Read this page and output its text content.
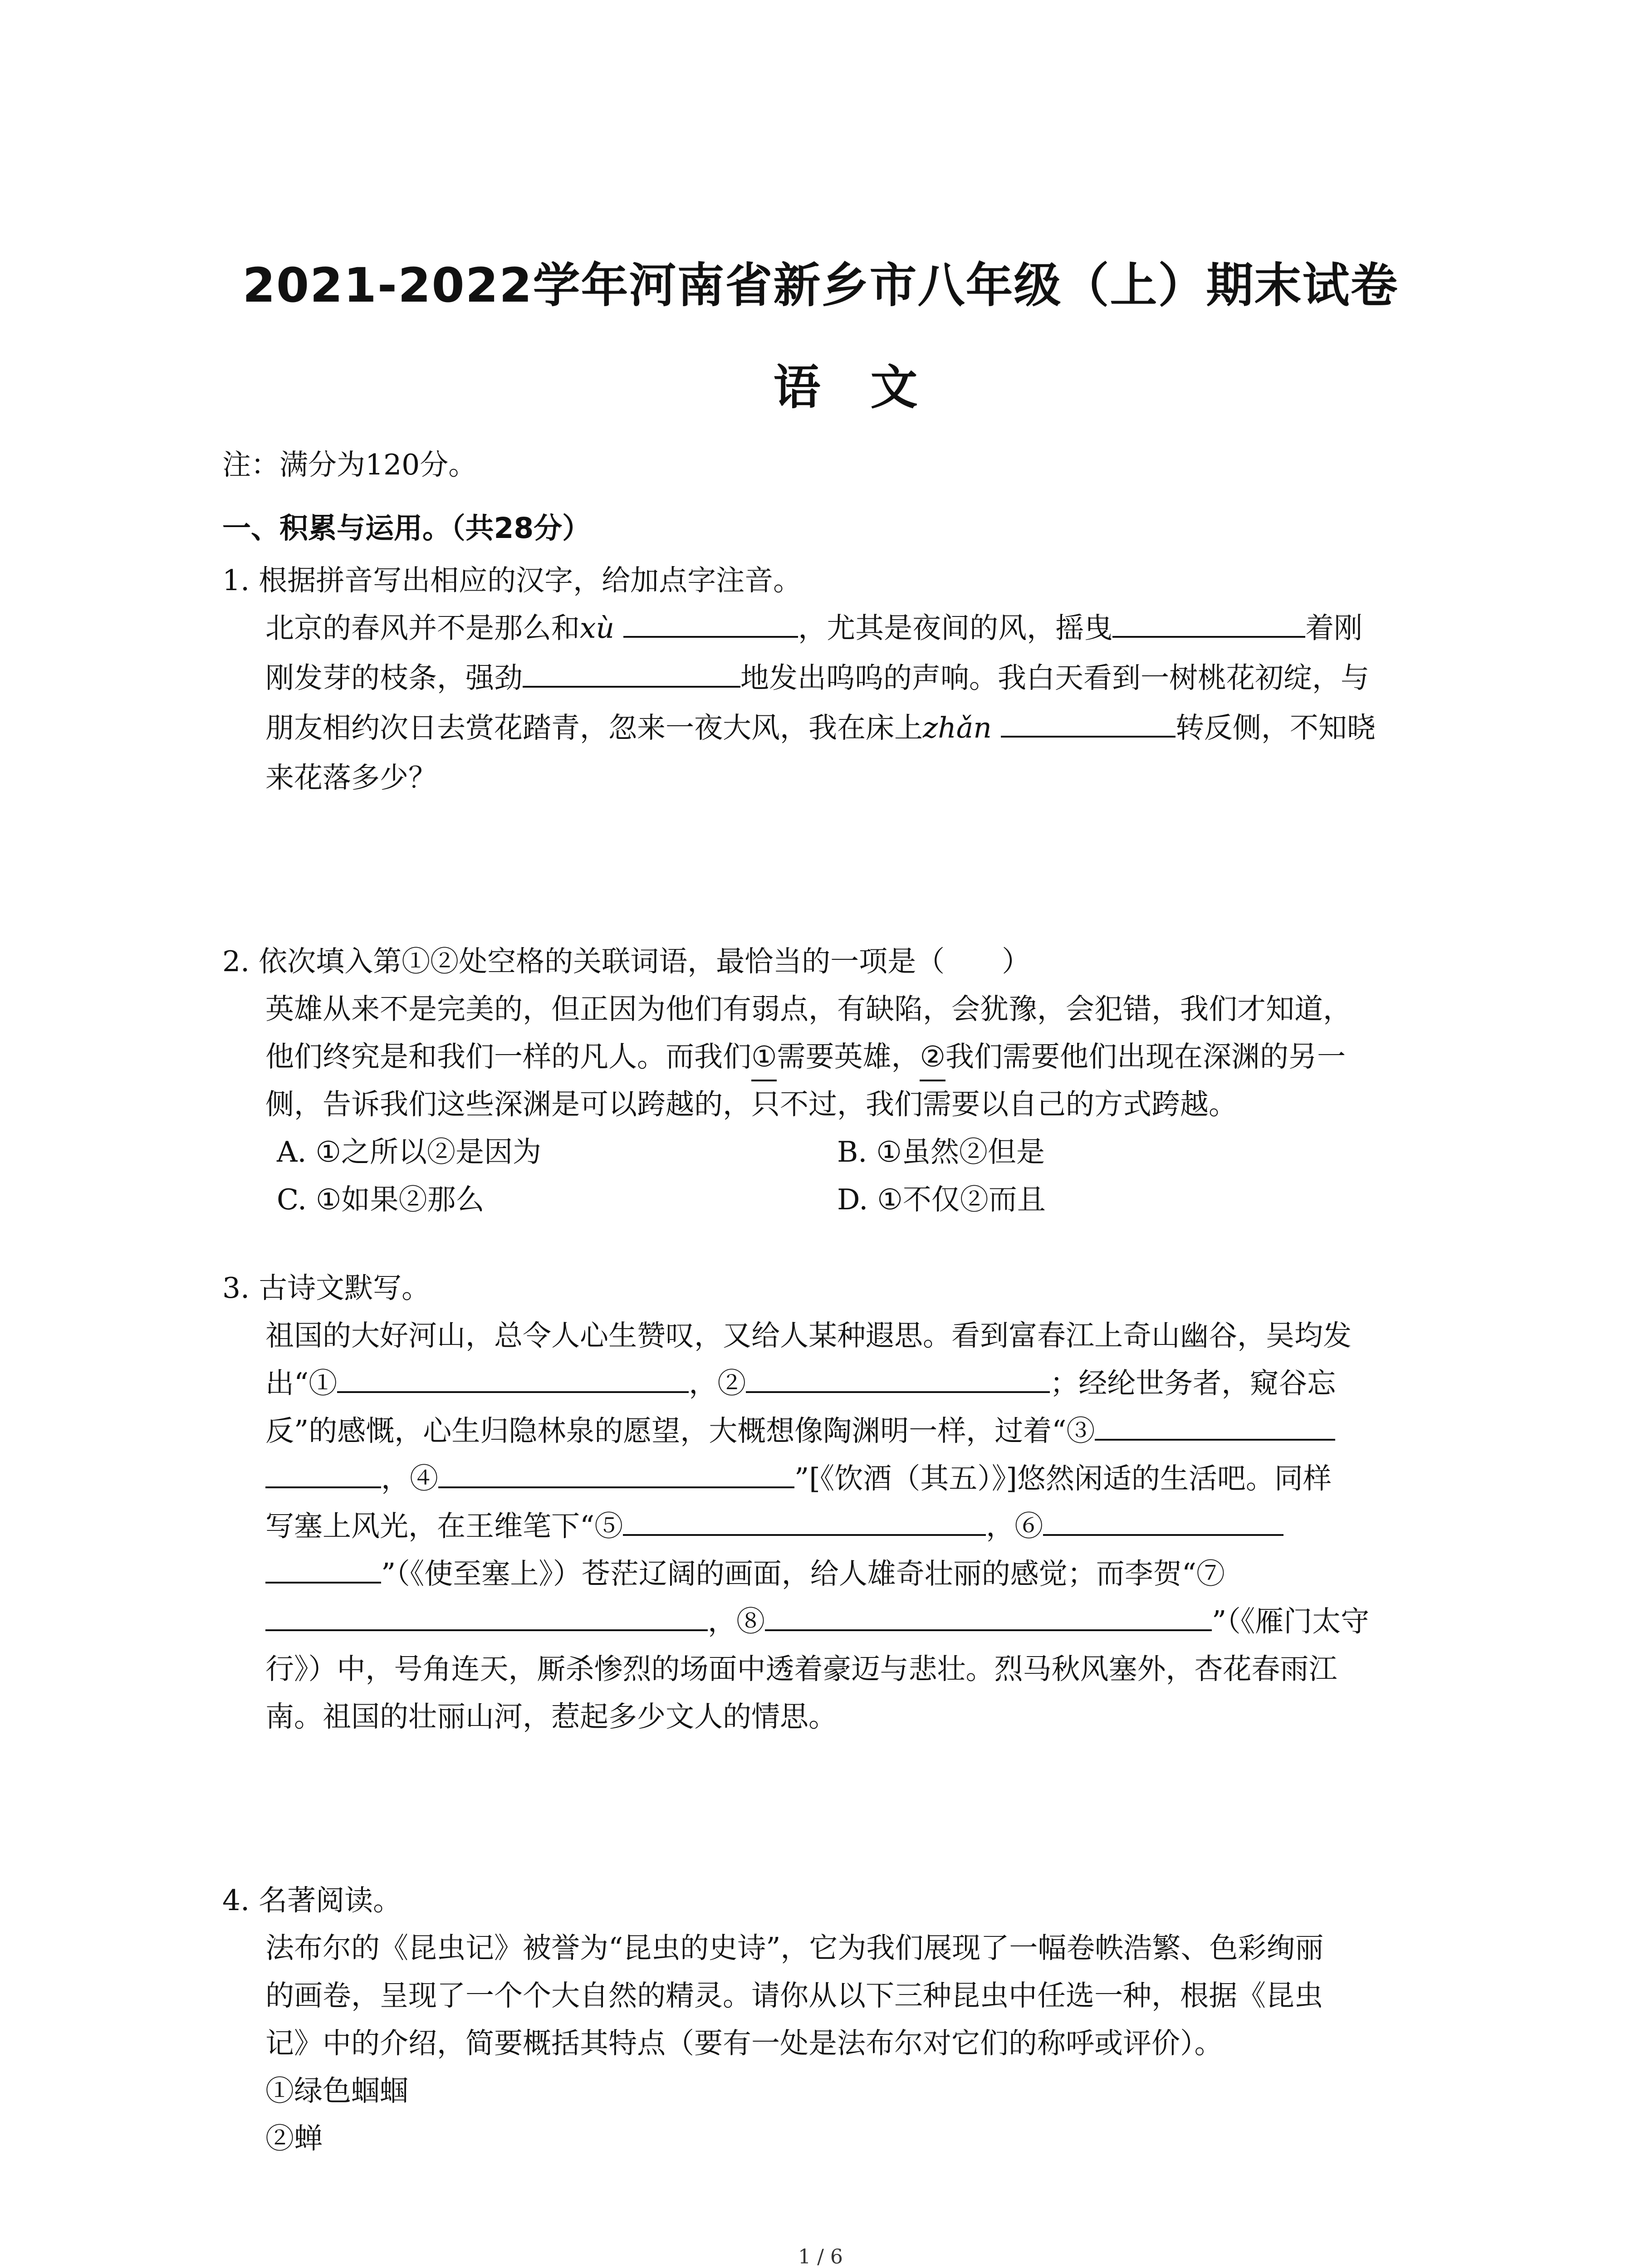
2021-2022学年河南省新乡市八年级（上）期末试卷
语文
注：满分为120分。
一、积累与运用。（共28分）
1. 根据拼音写出相应的汉字，给加点字注音。
北京的春风并不是那么和xù	，尤其是夜间的风，摇曳	着刚
刚发芽的枝条，强劲	地发出呜呜的声响。我白天看到一树桃花初绽，与
朋友相约次日去赏花踏青，忽来一夜大风，我在床上zhǎn	转反侧，不知晓
来花落多少？
2. 依次填入第①②处空格的关联词语，最恰当的一项是（　　）
英雄从来不是完美的，但正因为他们有弱点，有缺陷，会犹豫，会犯错，我们才知道，
他们终究是和我们一样的凡人。而我们①需要英雄，②我们需要他们出现在深渊的另一
侧，告诉我们这些深渊是可以跨越的，只不过，我们需要以自己的方式跨越。
A. ①之所以②是因为	B. ①虽然②但是
C. ①如果②那么	D. ①不仅②而且
3. 古诗文默写。
祖国的大好河山，总令人心生赞叹，又给人某种遐思。看到富春江上奇山幽谷，吴均发
出“①	，②	；经纶世务者，窥谷忘
反”的感慨，心生归隐林泉的愿望，大概想像陶渊明一样，过着“③
，④	”[《饮酒（其五）》]悠然闲适的生活吧。同样
写塞上风光，在王维笔下“⑤	，⑥
”（《使至塞上》）苍茫辽阔的画面，给人雄奇壮丽的感觉；而李贺“⑦
，⑧	”（《雁门太守
行》）中，号角连天，厮杀惨烈的场面中透着豪迈与悲壮。烈马秋风塞外，杏花春雨江
南。祖国的壮丽山河，惹起多少文人的情思。
4. 名著阅读。
法布尔的《昆虫记》被誉为“昆虫的史诗”，它为我们展现了一幅卷帙浩繁、色彩绚丽
的画卷，呈现了一个个大自然的精灵。请你从以下三种昆虫中任选一种，根据《昆虫
记》中的介绍，简要概括其特点（要有一处是法布尔对它们的称呼或评价）。
①绿色蝈蝈
②蝉
1 / 6
